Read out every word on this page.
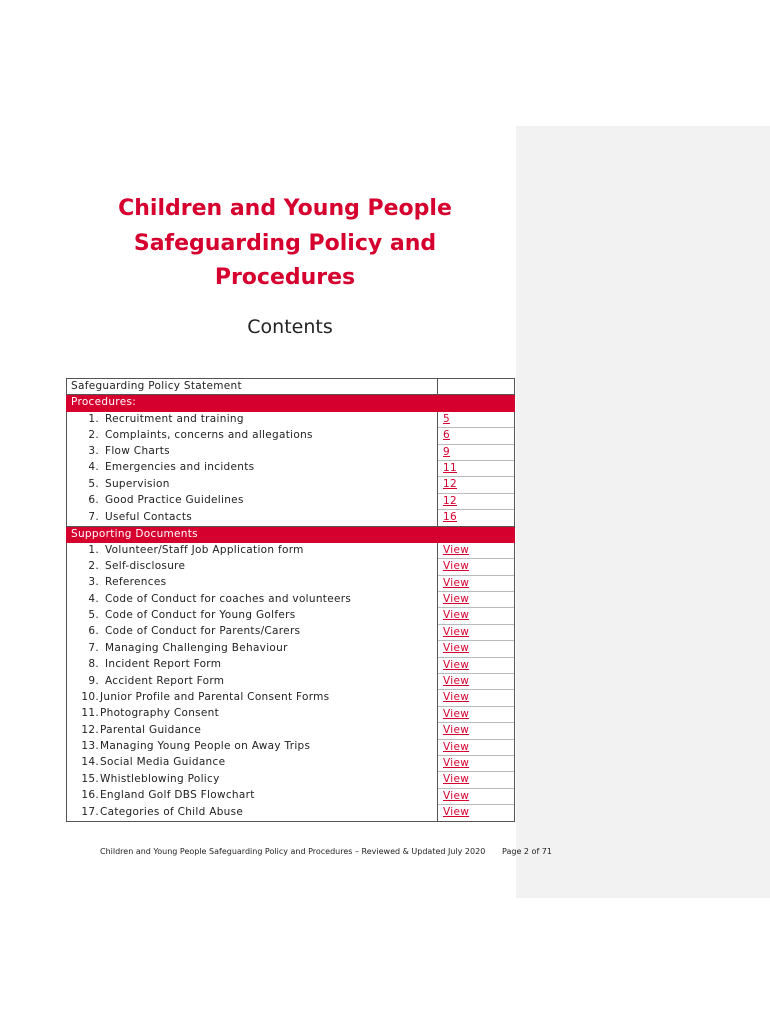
Children and Young People
Safeguarding Policy and
Procedures

Contents

Safeguarding Policy Statement	
Procedures:	
1. Recruitment and training	5
2. Complaints, concerns and allegations	6
3. Flow Charts	9
4. Emergencies and incidents	11
5. Supervision	12
6. Good Practice Guidelines	12
7. Useful Contacts	16
Supporting Documents	
1. Volunteer/Staff Job Application form	View
2. Self-disclosure	View
3. References	View
4. Code of Conduct for coaches and volunteers	View
5. Code of Conduct for Young Golfers	View
6. Code of Conduct for Parents/Carers	View
7. Managing Challenging Behaviour	View
8. Incident Report Form	View
9. Accident Report Form	View
10.Junior Profile and Parental Consent Forms	View
11.Photography Consent	View
12.Parental Guidance	View
13.Managing Young People on Away Trips	View
14.Social Media Guidance	View
15.Whistleblowing Policy	View
16.England Golf DBS Flowchart	View
17.Categories of Child Abuse	View

Children and Young People Safeguarding Policy and Procedures – Reviewed & Updated July 2020 Page 2 of 71
